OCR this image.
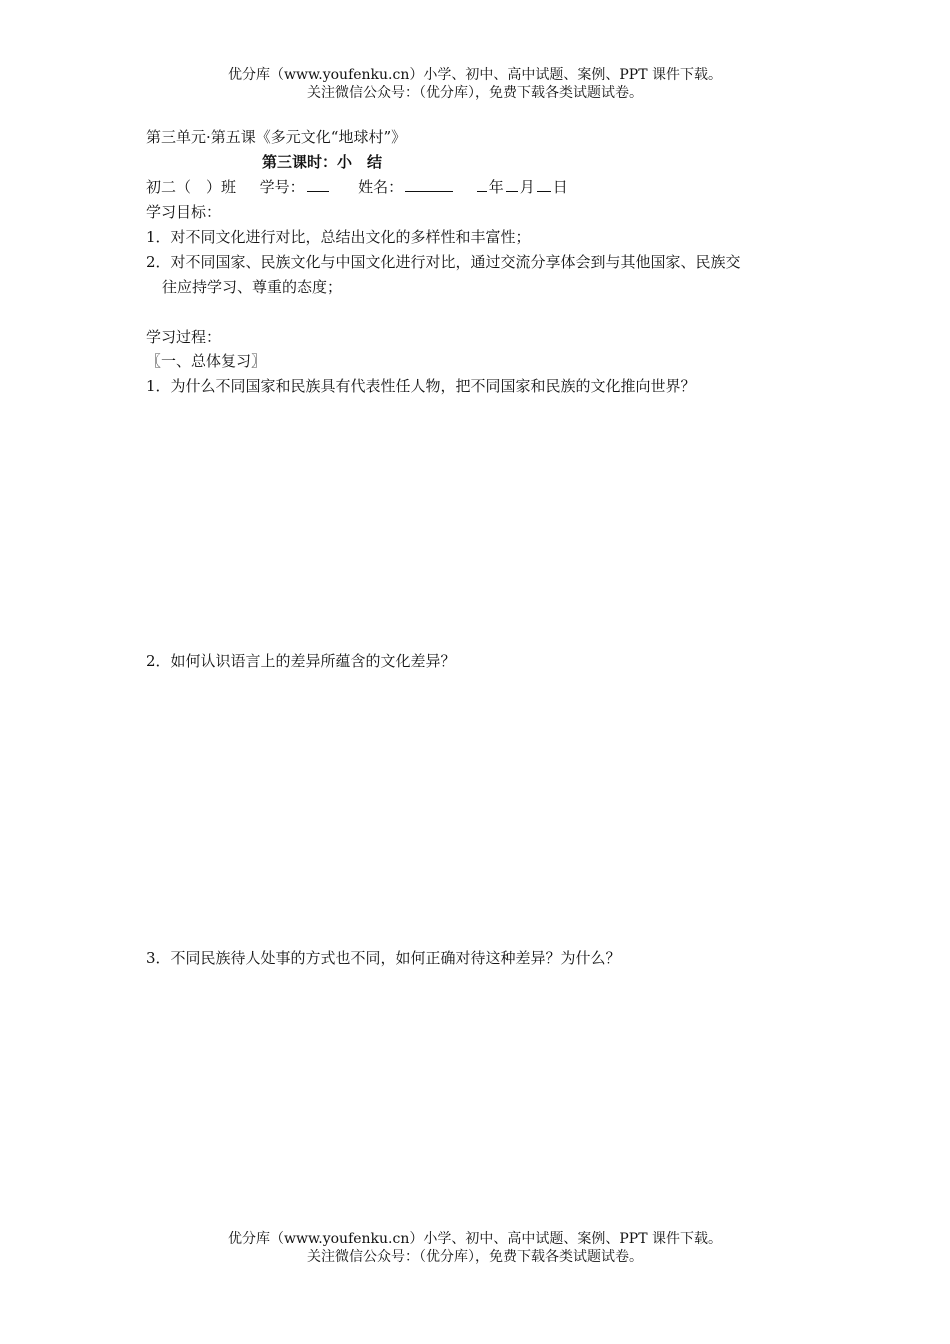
优分库（www.youfenku.cn）小学、初中、高中试题、案例、PPT 课件下载。
关注微信公众号：（优分库），免费下载各类试题试卷。
第三单元·第五课《多元文化“地球村”》
第三课时：小　结
初二（　）班 学号：	姓名：	年 月 日
学习目标：
1．对不同文化进行对比，总结出文化的多样性和丰富性；
2．对不同国家、民族文化与中国文化进行对比，通过交流分享体会到与其他国家、民族交
往应持学习、尊重的态度；
学习过程：
〖一、总体复习〗
1．为什么不同国家和民族具有代表性任人物，把不同国家和民族的文化推向世界？
2．如何认识语言上的差异所蕴含的文化差异？
3．不同民族待人处事的方式也不同，如何正确对待这种差异？为什么？
优分库（www.youfenku.cn）小学、初中、高中试题、案例、PPT 课件下载。
关注微信公众号：（优分库），免费下载各类试题试卷。
